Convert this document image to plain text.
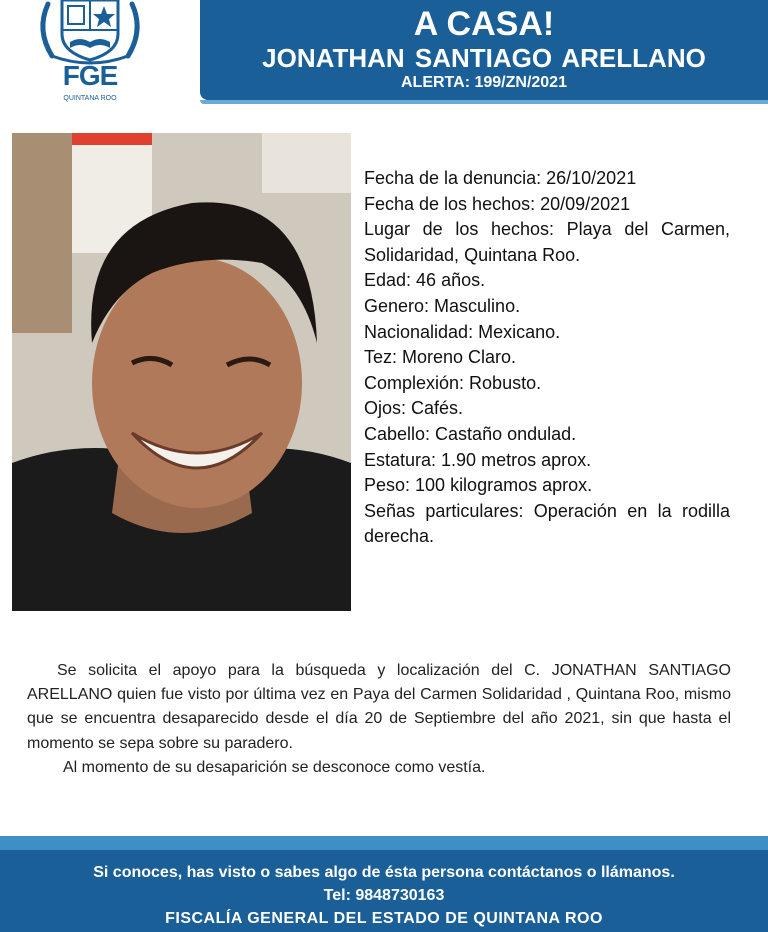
FGE
QUINTANA ROO
A CASA!
JONATHAN SANTIAGO ARELLANO
ALERTA: 199/ZN/2021

Fecha de la denuncia: 26/10/2021

Fecha de los hechos: 20/09/2021

Lugar de los hechos: Playa del Carmen, Solidaridad, Quintana Roo.

Edad: 46 años.

Genero: Masculino.

Nacionalidad: Mexicano.

Tez: Moreno Claro.

Complexión: Robusto.

Ojos: Cafés.

Cabello: Castaño ondulad.

Estatura: 1.90 metros aprox.

Peso: 100 kilogramos aprox.

Señas particulares: Operación en la rodilla derecha.

Se solicita el apoyo para la búsqueda y localización del C. JONATHAN SANTIAGO ARELLANO quien fue visto por última vez en Paya del Carmen Solidaridad , Quintana Roo, mismo que se encuentra desaparecido desde el día 20 de Septiembre del año 2021, sin que hasta el momento se sepa sobre su paradero.

Al momento de su desaparición se desconoce como vestía.

Si conoces, has visto o sabes algo de ésta persona contáctanos o llámanos.
Tel: 9848730163
FISCALÍA GENERAL DEL ESTADO DE QUINTANA ROO
